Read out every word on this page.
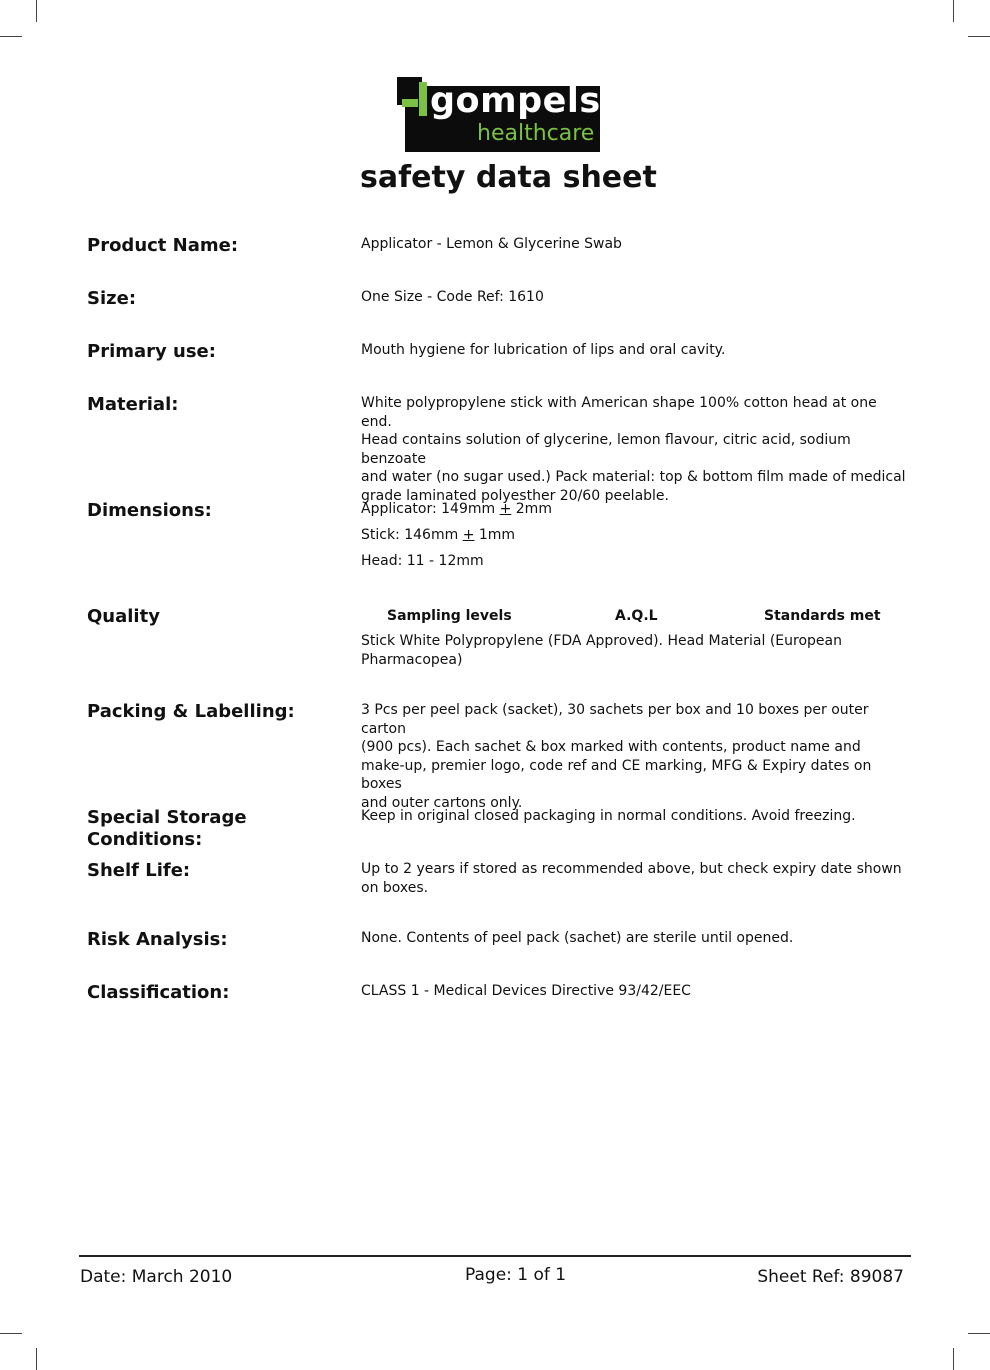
gompels
healthcare
safety data sheet
Product Name:	Applicator - Lemon & Glycerine Swab
Size:	One Size - Code Ref: 1610
Primary use:	Mouth hygiene for lubrication of lips and oral cavity.
Material:	White polypropylene stick with American shape 100% cotton head at one end.

Head contains solution of glycerine, lemon flavour, citric acid, sodium benzoate

and water (no sugar used.) Pack material: top & bottom film made of medical

grade laminated polyesther 20/60 peelable.

Dimensions:	Applicator: 149mm + 2mm

Stick: 146mm + 1mm

Head: 11 - 12mm

Quality	Sampling levels	A.Q.L	Standards met

Stick White Polypropylene (FDA Approved). Head Material (European

Pharmacopea)

Packing & Labelling:	3 Pcs per peel pack (sacket), 30 sachets per box and 10 boxes per outer carton

(900 pcs). Each sachet & box marked with contents, product name and

make-up, premier logo, code ref and CE marking, MFG & Expiry dates on boxes

and outer cartons only.

Special Storage Conditions:
Keep in original closed packaging in normal conditions. Avoid freezing.
Shelf Life:	Up to 2 years if stored as recommended above, but check expiry date shown

on boxes.

Risk Analysis:	None. Contents of peel pack (sachet) are sterile until opened.
Classification:	CLASS 1 - Medical Devices Directive 93/42/EEC
Date: March 2010	Page: 1 of 1	Sheet Ref: 89087
